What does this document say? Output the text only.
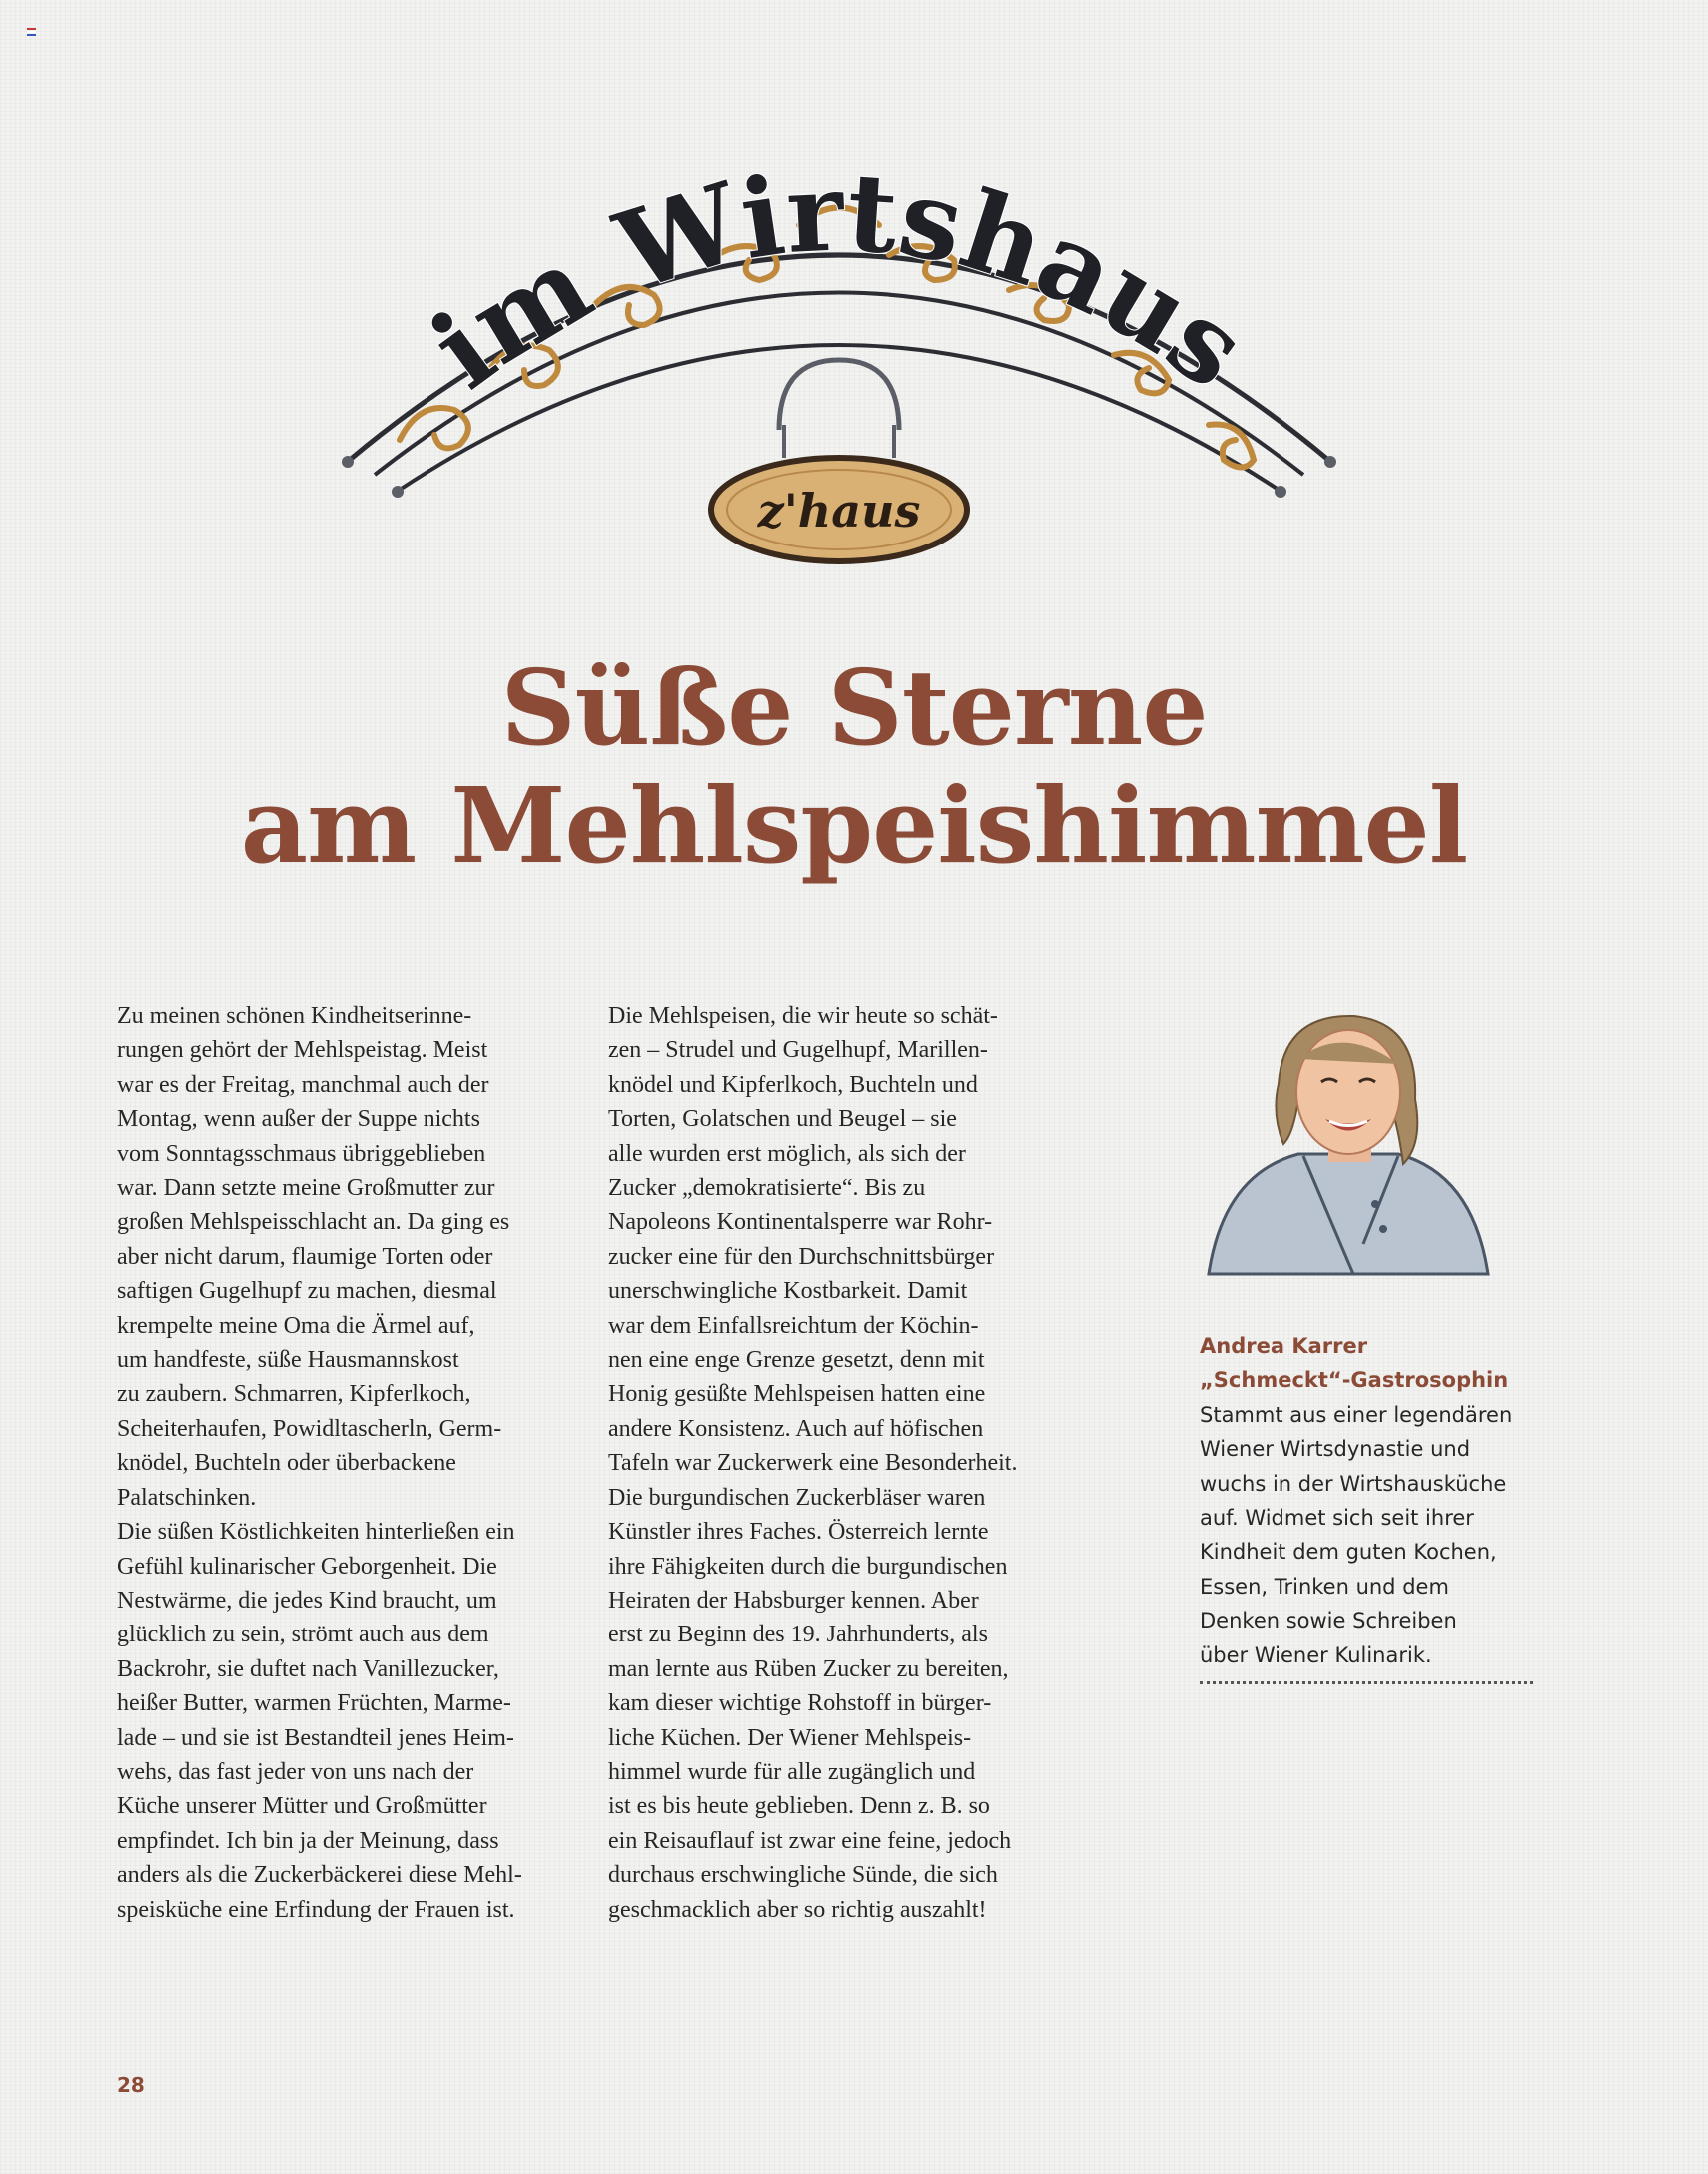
im Wirtshaus
z'haus
Süße Sterne
am Mehlspeishimmel

Zu meinen schönen Kindheitserinne-
rungen gehört der Mehlspeistag. Meist
war es der Freitag, manchmal auch der
Montag, wenn außer der Suppe nichts
vom Sonntagsschmaus übriggeblieben
war. Dann setzte meine Großmutter zur
großen Mehlspeisschlacht an. Da ging es
aber nicht darum, flaumige Torten oder
saftigen Gugelhupf zu machen, diesmal
krempelte meine Oma die Ärmel auf,
um handfeste, süße Hausmannskost
zu zaubern. Schmarren, Kipferlkoch,
Scheiterhaufen, Powidltascherln, Germ-
knödel, Buchteln oder überbackene
Palatschinken.
Die süßen Köstlichkeiten hinterließen ein
Gefühl kulinarischer Geborgenheit. Die
Nestwärme, die jedes Kind braucht, um
glücklich zu sein, strömt auch aus dem
Backrohr, sie duftet nach Vanillezucker,
heißer Butter, warmen Früchten, Marme-
lade – und sie ist Bestandteil jenes Heim-
wehs, das fast jeder von uns nach der
Küche unserer Mütter und Großmütter
empfindet. Ich bin ja der Meinung, dass
anders als die Zuckerbäckerei diese Mehl-
speisküche eine Erfindung der Frauen ist.

Die Mehlspeisen, die wir heute so schät-
zen – Strudel und Gugelhupf, Marillen-
knödel und Kipferlkoch, Buchteln und
Torten, Golatschen und Beugel – sie
alle wurden erst möglich, als sich der
Zucker „demokratisierte“. Bis zu
Napoleons Kontinentalsperre war Rohr-
zucker eine für den Durchschnittsbürger
unerschwingliche Kostbarkeit. Damit
war dem Einfallsreichtum der Köchin-
nen eine enge Grenze gesetzt, denn mit
Honig gesüßte Mehlspeisen hatten eine
andere Konsistenz. Auch auf höfischen
Tafeln war Zuckerwerk eine Besonderheit.
Die burgundischen Zuckerbläser waren
Künstler ihres Faches. Österreich lernte
ihre Fähigkeiten durch die burgundischen
Heiraten der Habsburger kennen. Aber
erst zu Beginn des 19. Jahrhunderts, als
man lernte aus Rüben Zucker zu bereiten,
kam dieser wichtige Rohstoff in bürger-
liche Küchen. Der Wiener Mehlspeis-
himmel wurde für alle zugänglich und
ist es bis heute geblieben. Denn z. B. so
ein Reisauflauf ist zwar eine feine, jedoch
durchaus erschwingliche Sünde, die sich
geschmacklich aber so richtig auszahlt!

Andrea Karrer
„Schmeckt“-Gastrosophin
Stammt aus einer legendären
Wiener Wirtsdynastie und
wuchs in der Wirtshausküche
auf. Widmet sich seit ihrer
Kindheit dem guten Kochen,
Essen, Trinken und dem
Denken sowie Schreiben
über Wiener Kulinarik.
28
